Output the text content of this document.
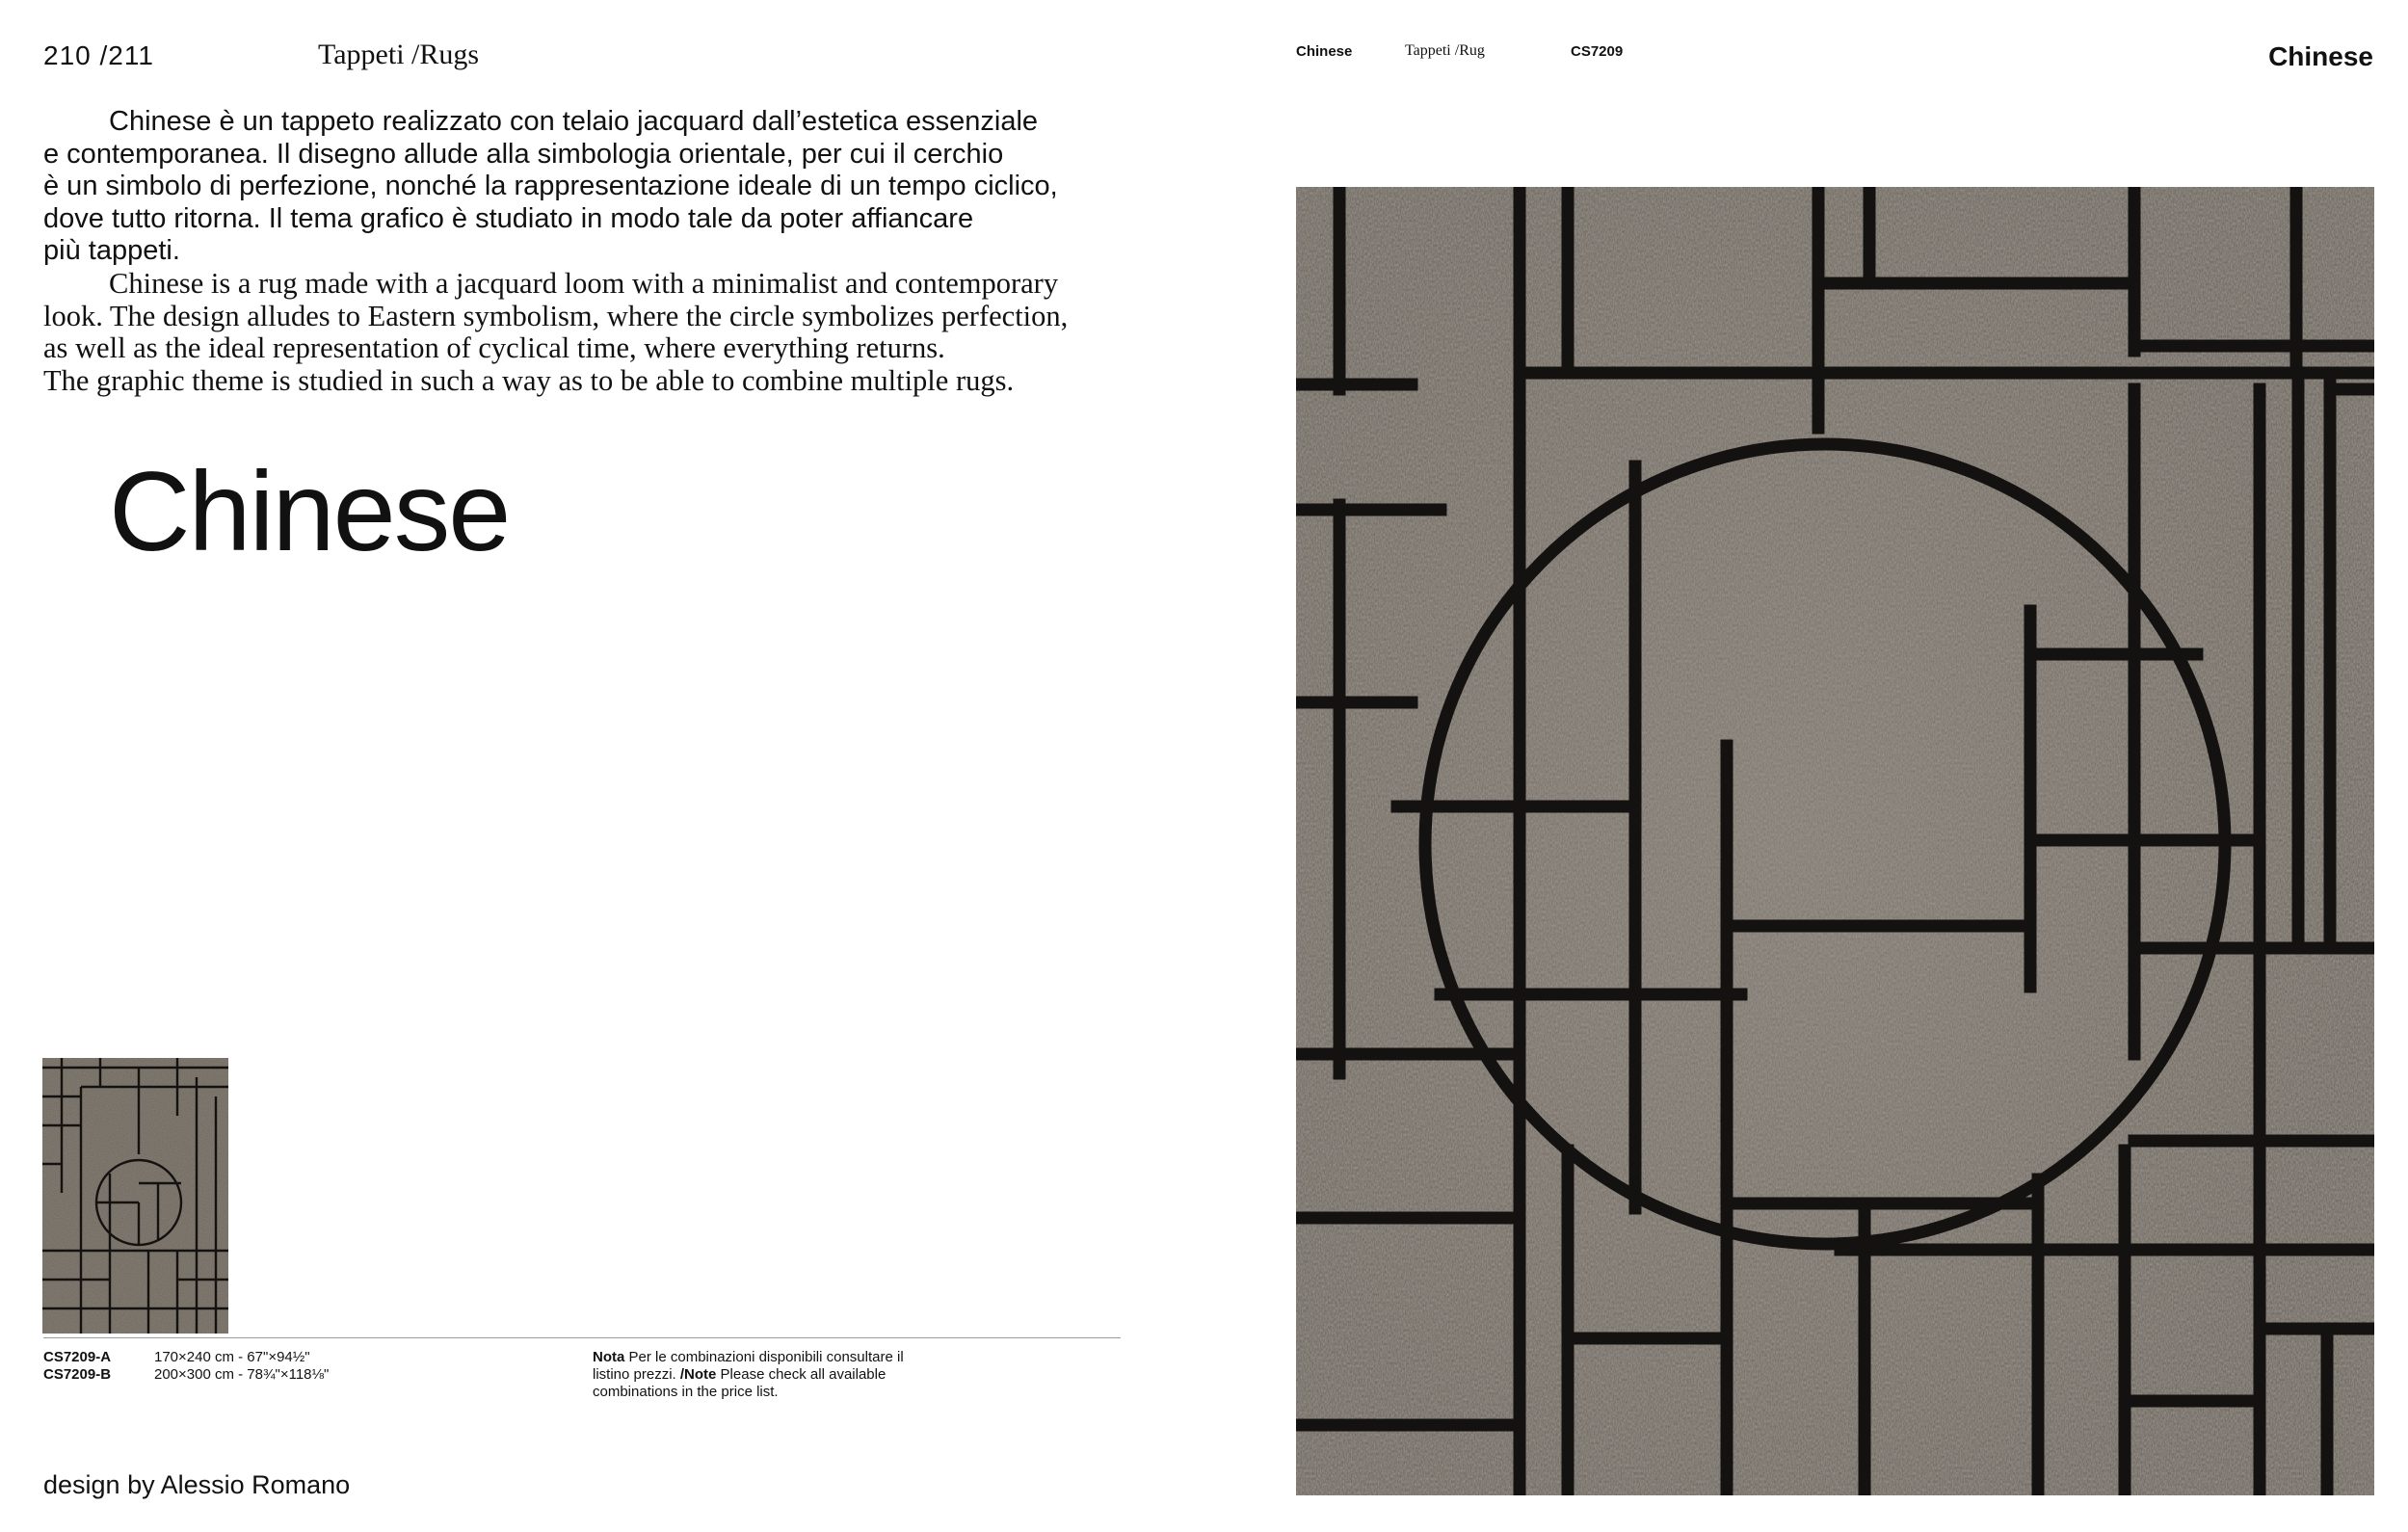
210 /211	Tappeti /Rugs
Chinese è un tappeto realizzato con telaio jacquard dall’estetica essenziale
e contemporanea. Il disegno allude alla simbologia orientale, per cui il cerchio
è un simbolo di perfezione, nonché la rappresentazione ideale di un tempo ciclico,
dove tutto ritorna. Il tema grafico è studiato in modo tale da poter affiancare
più tappeti.
Chinese is a rug made with a jacquard loom with a minimalist and contemporary
look. The design alludes to Eastern symbolism, where the circle symbolizes perfection,
as well as the ideal representation of cyclical time, where everything returns.
The graphic theme is studied in such a way as to be able to combine multiple rugs.
Chinese
CS7209-A	170×240 cm - 67"×94½"
CS7209-B	200×300 cm - 78¾"×118⅛"
Nota Per le combinazioni disponibili consultare il listino prezzi. /Note Please check all available combinations in the price list.
design by Alessio Romano
Chinese	Tappeti /Rug	CS7209	Chinese
